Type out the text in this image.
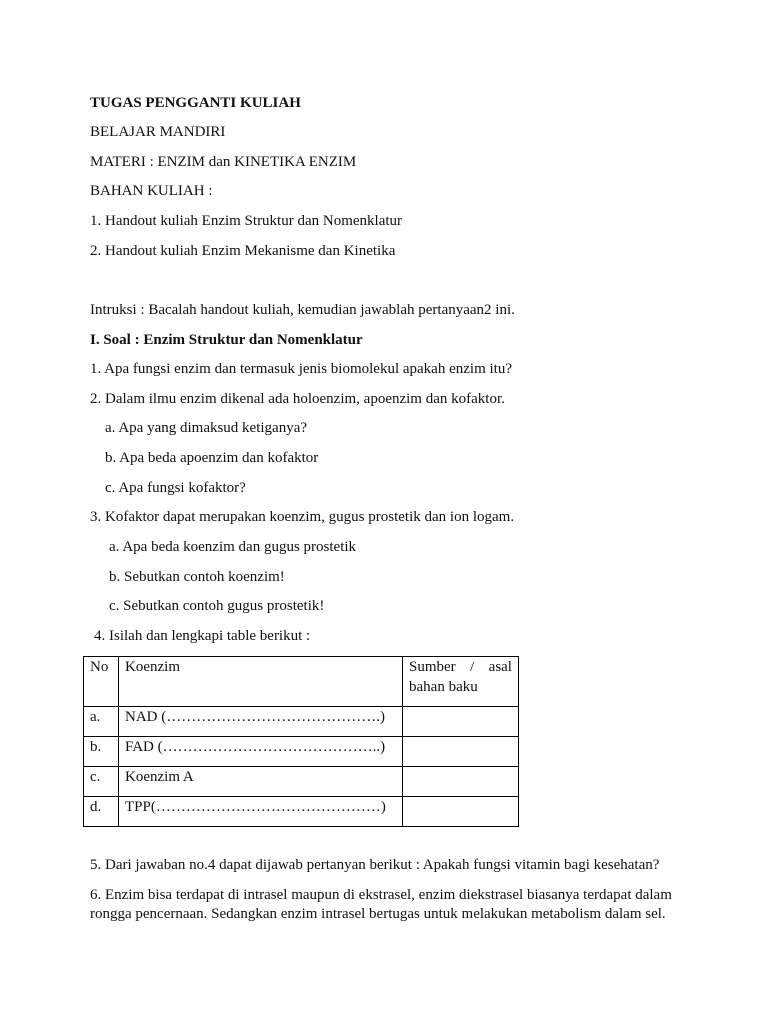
TUGAS PENGGANTI KULIAH
BELAJAR MANDIRI
MATERI : ENZIM dan KINETIKA ENZIM
BAHAN KULIAH :
1. Handout kuliah Enzim Struktur dan Nomenklatur
2. Handout kuliah Enzim Mekanisme dan Kinetika
Intruksi : Bacalah handout kuliah, kemudian jawablah pertanyaan2 ini.
I. Soal : Enzim Struktur dan Nomenklatur
1. Apa fungsi enzim dan termasuk jenis biomolekul apakah enzim itu?
2. Dalam ilmu enzim dikenal ada holoenzim, apoenzim dan kofaktor.
a. Apa yang dimaksud ketiganya?
b. Apa beda apoenzim dan kofaktor
c. Apa fungsi kofaktor?
3. Kofaktor dapat merupakan koenzim, gugus prostetik dan ion logam.
a. Apa beda koenzim dan gugus prostetik
b. Sebutkan contoh koenzim!
c. Sebutkan contoh gugus prostetik!
4. Isilah dan lengkapi table berikut :
No	Koenzim	Sumber / asal
bahan baku

a.	NAD (…………………………………….)	
b.	FAD (……………………………………..)	
c.	Koenzim A	
d.	TPP(………………………………………)	
5. Dari jawaban no.4 dapat dijawab pertanyan berikut : Apakah fungsi vitamin bagi kesehatan?
6. Enzim bisa terdapat di intrasel maupun di ekstrasel, enzim diekstrasel biasanya terdapat dalam
rongga pencernaan. Sedangkan enzim intrasel bertugas untuk melakukan metabolism dalam sel.
